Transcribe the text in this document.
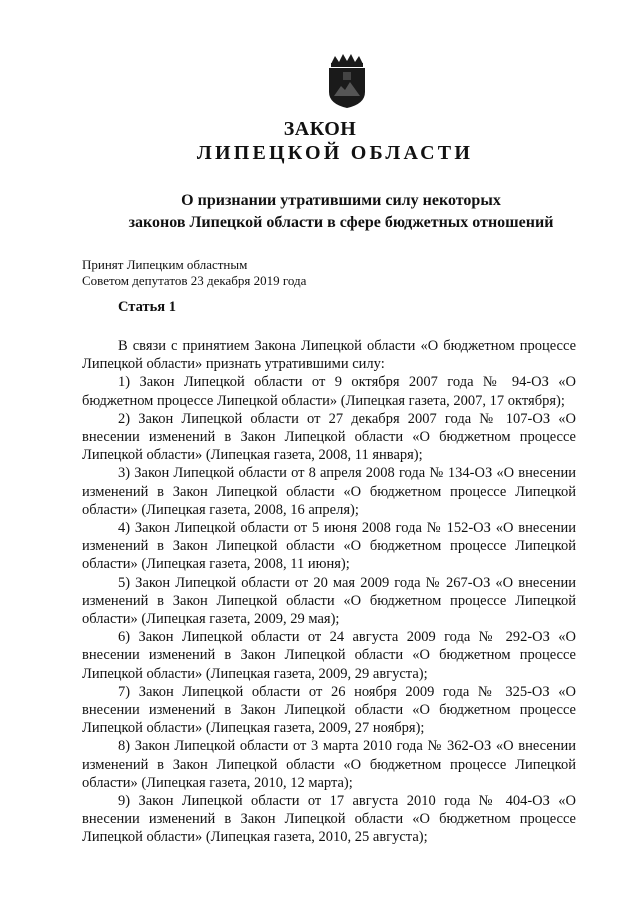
ЗАКОН
ЛИПЕЦКОЙ ОБЛАСТИ
О признании утратившими силу некоторых
законов Липецкой области в сфере бюджетных отношений
Принят Липецким областным
Советом депутатов 23 декабря 2019 года
Статья 1

В связи с принятием Закона Липецкой области «О бюджетном процессе Липецкой области» признать утратившими силу:

1) Закон Липецкой области от 9 октября 2007 года № 94-ОЗ «О бюджетном процессе Липецкой области» (Липецкая газета, 2007, 17 октября);

2) Закон Липецкой области от 27 декабря 2007 года № 107-ОЗ «О внесении изменений в Закон Липецкой области «О бюджетном процессе Липецкой области» (Липецкая газета, 2008, 11 января);

3) Закон Липецкой области от 8 апреля 2008 года № 134-ОЗ «О внесении изменений в Закон Липецкой области «О бюджетном процессе Липецкой области» (Липецкая газета, 2008, 16 апреля);

4) Закон Липецкой области от 5 июня 2008 года № 152-ОЗ «О внесении изменений в Закон Липецкой области «О бюджетном процессе Липецкой области» (Липецкая газета, 2008, 11 июня);

5) Закон Липецкой области от 20 мая 2009 года № 267-ОЗ «О внесении изменений в Закон Липецкой области «О бюджетном процессе Липецкой области» (Липецкая газета, 2009, 29 мая);

6) Закон Липецкой области от 24 августа 2009 года № 292-ОЗ «О внесении изменений в Закон Липецкой области «О бюджетном процессе Липецкой области» (Липецкая газета, 2009, 29 августа);

7) Закон Липецкой области от 26 ноября 2009 года № 325-ОЗ «О внесении изменений в Закон Липецкой области «О бюджетном процессе Липецкой области» (Липецкая газета, 2009, 27 ноября);

8) Закон Липецкой области от 3 марта 2010 года № 362-ОЗ «О внесении изменений в Закон Липецкой области «О бюджетном процессе Липецкой области» (Липецкая газета, 2010, 12 марта);

9) Закон Липецкой области от 17 августа 2010 года № 404-ОЗ «О внесении изменений в Закон Липецкой области «О бюджетном процессе Липецкой области» (Липецкая газета, 2010, 25 августа);
